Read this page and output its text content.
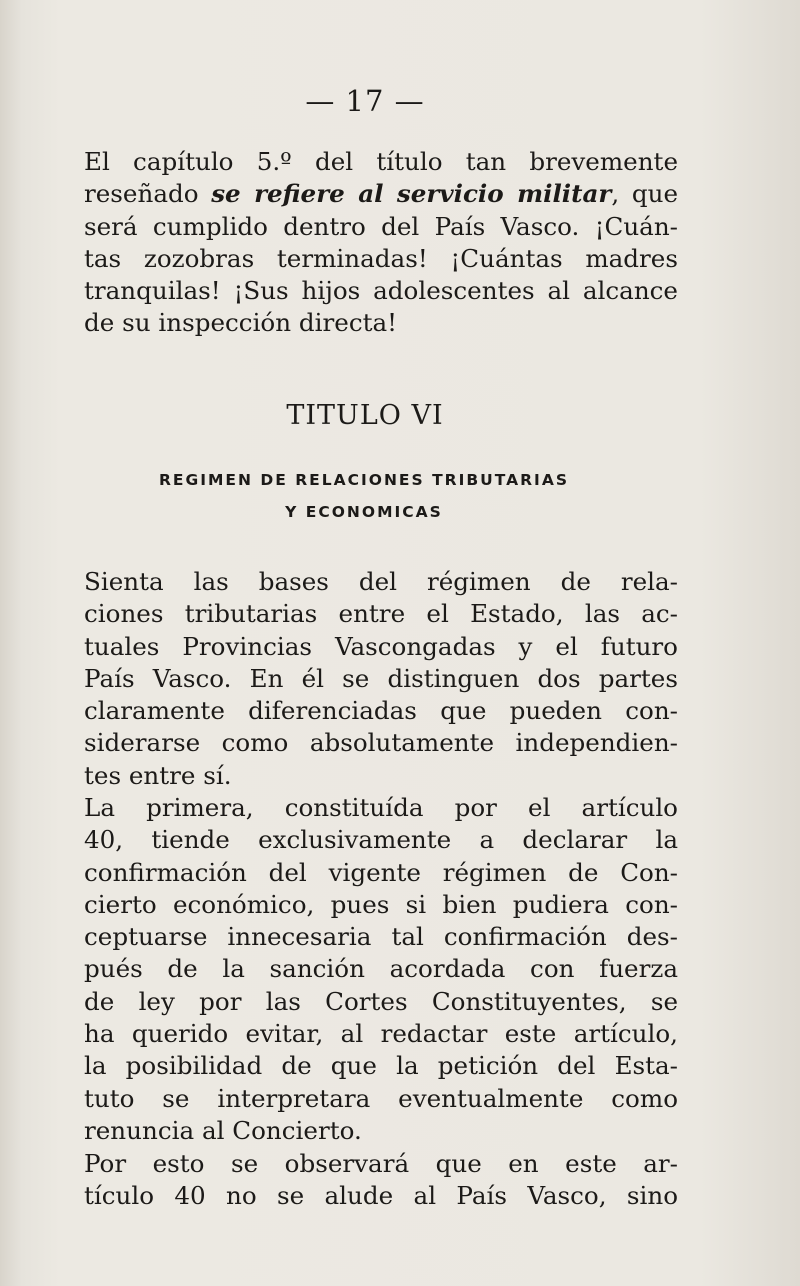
— 17 —
El capítulo 5.º del título tan brevemente
reseñado se refiere al servicio militar, que
será cumplido dentro del País Vasco. ¡Cuán-
tas zozobras terminadas! ¡Cuántas madres
tranquilas! ¡Sus hijos adolescentes al alcance
de su inspección directa!
TITULO VI
REGIMEN DE RELACIONES TRIBUTARIAS
Y ECONOMICAS
Sienta las bases del régimen de rela-
ciones tributarias entre el Estado, las ac-
tuales Provincias Vascongadas y el futuro
País Vasco. En él se distinguen dos partes
claramente diferenciadas que pueden con-
siderarse como absolutamente independien-
tes entre sí.
La primera, constituída por el artículo
40, tiende exclusivamente a declarar la
confirmación del vigente régimen de Con-
cierto económico, pues si bien pudiera con-
ceptuarse innecesaria tal confirmación des-
pués de la sanción acordada con fuerza
de ley por las Cortes Constituyentes, se
ha querido evitar, al redactar este artículo,
la posibilidad de que la petición del Esta-
tuto se interpretara eventualmente como
renuncia al Concierto.
Por esto se observará que en este ar-
tículo 40 no se alude al País Vasco, sino
